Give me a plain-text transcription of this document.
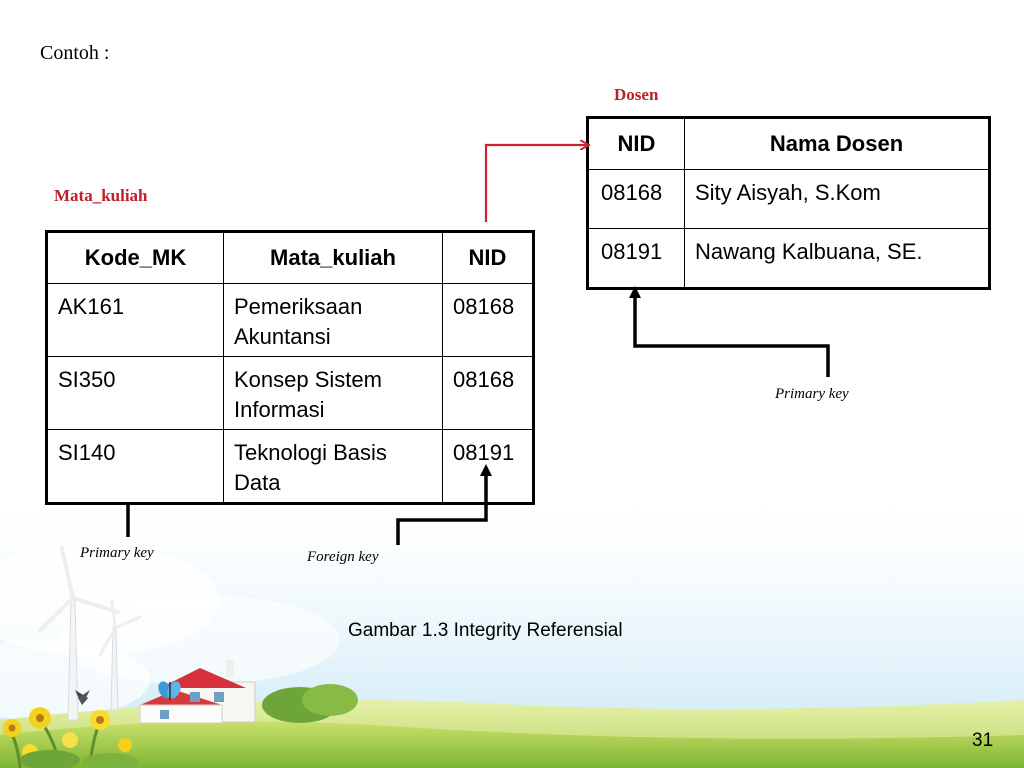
Contoh :
Dosen
Mata_kuliah
NID	Nama Dosen
08168	Sity Aisyah, S.Kom
08191	Nawang Kalbuana, SE.
Kode_MK	Mata_kuliah	NID
AK161	Pemeriksaan Akuntansi	08168
SI350	Konsep Sistem Informasi	08168
SI140	Teknologi Basis Data	08191
Primary key	Foreign key
Primary key
Gambar 1.3 Integrity Referensial
31
